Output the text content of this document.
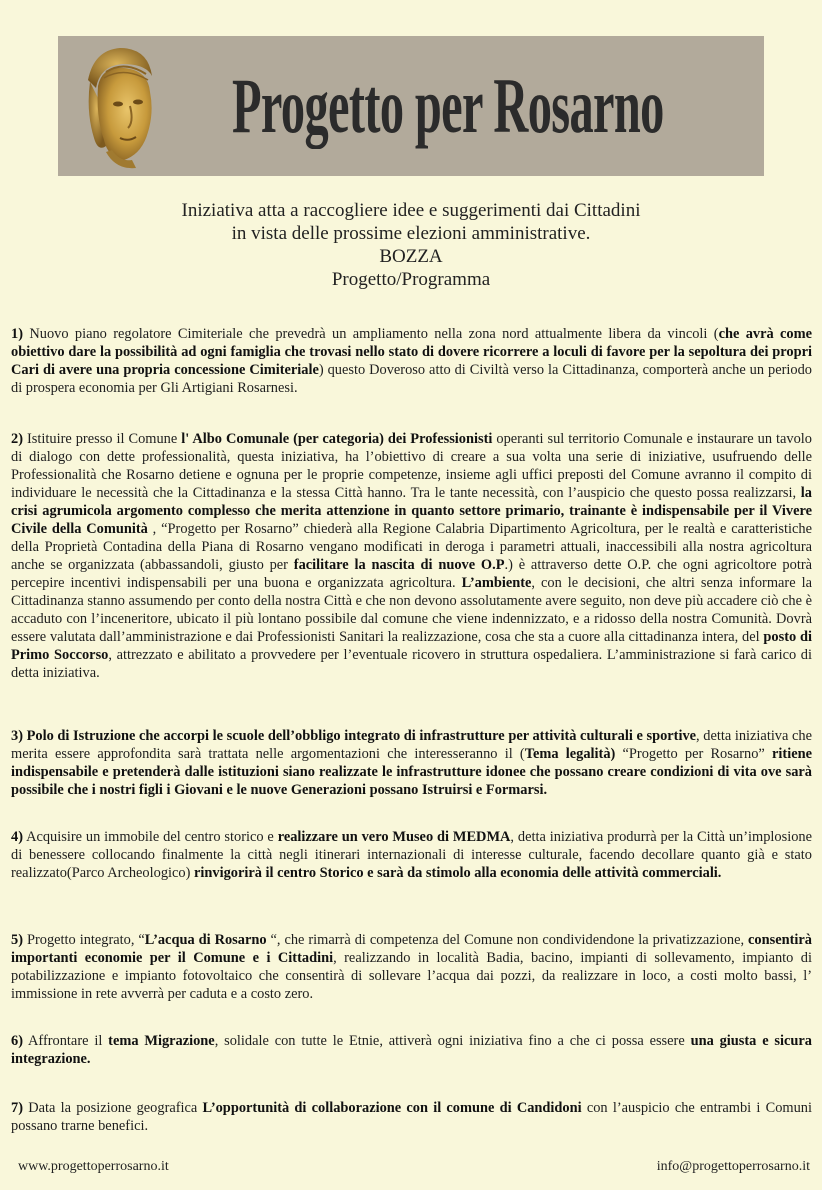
Progetto per Rosarno
Iniziativa atta a raccogliere idee e suggerimenti dai Cittadini
in vista delle prossime elezioni amministrative.
BOZZA
Progetto/Programma
1) Nuovo piano regolatore Cimiteriale che prevedrà un ampliamento nella zona nord attualmente libera da vincoli (che avrà come obiettivo dare la possibilità ad ogni famiglia che trovasi nello stato di dovere ricorrere a loculi di favore per la sepoltura dei propri Cari di avere una propria concessione Cimiteriale) questo Doveroso atto di Civiltà verso la Cittadinanza, comporterà anche un periodo di prospera economia per Gli Artigiani Rosarnesi.
2) Istituire presso il Comune l' Albo Comunale (per categoria) dei Professionisti operanti sul territorio Comunale e instaurare un tavolo di dialogo con dette professionalità, questa iniziativa, ha l’obiettivo di creare a sua volta una serie di iniziative, usufruendo delle Professionalità che Rosarno detiene e ognuna per le proprie competenze, insieme agli uffici preposti del Comune avranno il compito di individuare le necessità che la Cittadinanza e la stessa Città hanno. Tra le tante necessità, con l’auspicio che questo possa realizzarsi, la crisi agrumicola argomento complesso che merita attenzione in quanto settore primario, trainante è indispensabile per il Vivere Civile della Comunità , “Progetto per Rosarno” chiederà alla Regione Calabria Dipartimento Agricoltura, per le realtà e caratteristiche della Proprietà Contadina della Piana di Rosarno vengano modificati in deroga i parametri attuali, inaccessibili alla nostra agricoltura anche se organizzata (abbassandoli, giusto per facilitare la nascita di nuove O.P.) è attraverso dette O.P. che ogni agricoltore potrà percepire incentivi indispensabili per una buona e organizzata agricoltura. L’ambiente, con le decisioni, che altri senza informare la Cittadinanza stanno assumendo per conto della nostra Città e che non devono assolutamente avere seguito, non deve più accadere ciò che è accaduto con l’inceneritore, ubicato il più lontano possibile dal comune che viene indennizzato, e a ridosso della nostra Comunità. Dovrà essere valutata dall’amministrazione e dai Professionisti Sanitari la realizzazione, cosa che sta a cuore alla cittadinanza intera, del posto di Primo Soccorso, attrezzato e abilitato a provvedere per l’eventuale ricovero in struttura ospedaliera. L’amministrazione si farà carico di detta iniziativa.
3) Polo di Istruzione che accorpi le scuole dell’obbligo integrato di infrastrutture per attività culturali e sportive, detta iniziativa che merita essere approfondita sarà trattata nelle argomentazioni che interesseranno il (Tema legalità) “Progetto per Rosarno” ritiene indispensabile e pretenderà dalle istituzioni siano realizzate le infrastrutture idonee che possano creare condizioni di vita ove sarà possibile che i nostri figli i Giovani e le nuove Generazioni possano Istruirsi e Formarsi.
4) Acquisire un immobile del centro storico e realizzare un vero Museo di MEDMA, detta iniziativa produrrà per la Città un’implosione di benessere collocando finalmente la città negli itinerari internazionali di interesse culturale, facendo decollare quanto già e stato realizzato(Parco Archeologico) rinvigorirà il centro Storico e sarà da stimolo alla economia delle attività commerciali.
5) Progetto integrato, “L’acqua di Rosarno “, che rimarrà di competenza del Comune non condividendone la privatizzazione, consentirà importanti economie per il Comune e i Cittadini, realizzando in località Badia, bacino, impianti di sollevamento, impianto di potabilizzazione e impianto fotovoltaico che consentirà di sollevare l’acqua dai pozzi, da realizzare in loco, a costi molto bassi, l’ immissione in rete avverrà per caduta e a costo zero.
6) Affrontare il tema Migrazione, solidale con tutte le Etnie, attiverà ogni iniziativa fino a che ci possa essere una giusta e sicura integrazione.
7) Data la posizione geografica L’opportunità di collaborazione con il comune di Candidoni con l’auspicio che entrambi i Comuni possano trarne benefici.
www.progettoperrosarno.it	info@progettoperrosarno.it
